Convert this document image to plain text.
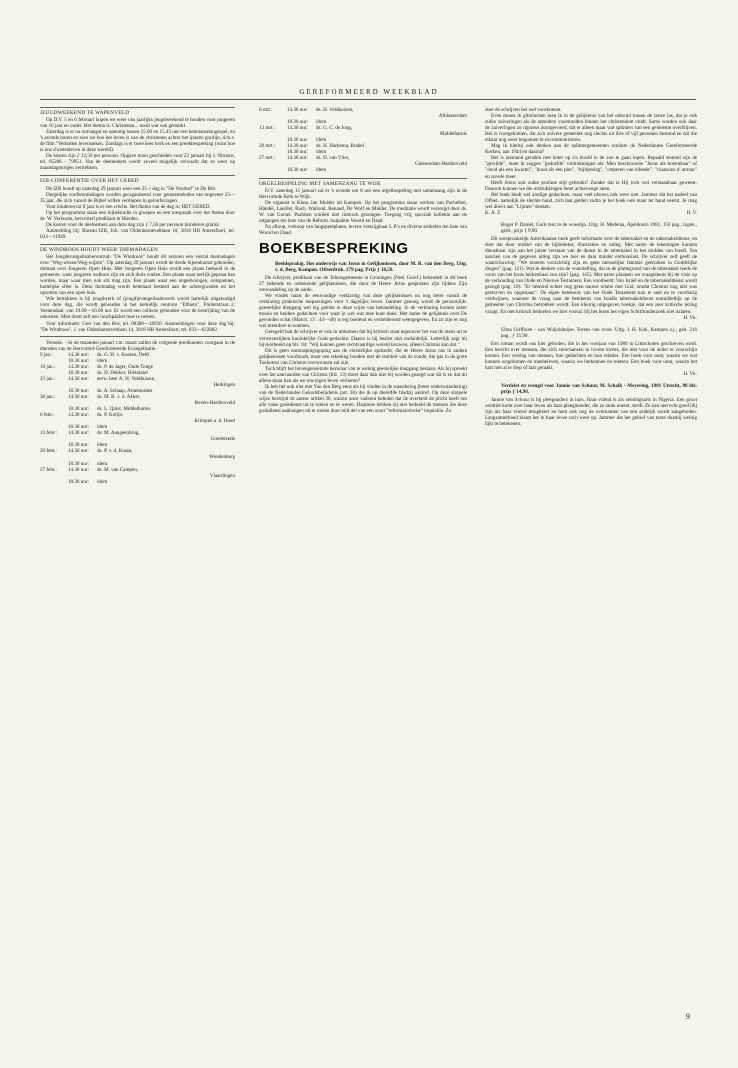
GEREFORMEERD WEEKBLAD
JEUGDWEEKEND TE WAPENVELD

Op D.V. 5 en 6 februari hopen we weer ons jaarlijks jeugdweekend te houden voor jongeren van 16 jaar en ouder. Het thema is: Christenen... nooit wat van gemerkt.

Zaterdag is er na ontvangst en opening tussen 15.00 en 15.45 uur een kennismakingsspel, en 's avonds horen en zien we hoe het leven is van de christenen achter het ijzeren gordijn, d.m.v. de film "Verboden levensteken. Zondags is er twee keer kerk en een preekbespreking (want hoe is ons christenleven in deze wereld).

De kosten zijn ƒ 12,50 per persoon. Opgave moet geschieden voor 22 januari bij J. Nitrauw, tel. 05206 - 79951. Van de deelnemers wordt zoveel mogelijk verwacht dat ze weer op maandagmorgen vertrekken.

IZB-CONFERENTIE OVER HET GEBED

De IZB houdt op zaterdag 29 januari weer een 25 + dag in "De Voorbof" te De Bilt.

Dergelijke conferentiedagen worden georganiseerd voor gemeenteleden van ongeveer 25—35 jaar, die zich vanuit de Bijbel willen verdiepen in geloofsvragen.

Voor kinderen tot 8 jaar is er een crèche. Het thema van de dag is: HET GEBED.

Op het programma staan een bijbelstudie in groepen en een toespraak over het thema door ds. W. Verboom, hervormd predikant te Hierden.

De kosten voor de deelnemers aan deze dag zijn ƒ 7,50 per persoon (kinderen gratis).

Aanmelding bij: Bureau IZB, Joh. van Oldenbarneveltlaan 10, 3818 HB Amersfoort, tel. 033—11949.

DE WINDROOS HOUDT WEER THEMADAGEN

Het Jeugdevangelisatiecentrum "De Windroos" houdt dit seizoen een viertal themadagen over "Weg-wezen/Weg-wijzen". Op zaterdag 29 januari wordt de derde bijeenkomst gehouden, ditmaal over Jongeren Open Huis. Met Jongeren Open Huis wordt een plaats bedoeld in de gemeente, waar jongeren welkom zijn en zich thuis voelen. Een plaats waar eerlijk gepraat kan worden, maar waar men ook stil mag zijn. Een plaats waar een ongedwongen, ontspannen, hartelijke sfeer is. Deze themadag wordt helemaal besteed aan de achtergronden en het opzetten van een open huis.

Wie betrokken is bij jeugdwerk of (jeugd)evangelisatiewerk wordt hartelijk uitgenodigd voor deze dag, die wordt gehouden in het kerkelijk centrum "Eltheto", Fluiterstraat 2, Veenendaal, van 10.00—16.00 uur. Er wordt een collecte gehouden voor de bestrijding van de onkosten. Men dient zelf een lunchpakket mee te nemen.

Voor informatie: Gert van den Bos, tel. 08380—18926. Aanmeldingen voor deze dag bij: "De Windroos", J. van Oldenbarneveltlaan 14, 3818 HB Amersfoort, tel. 033—622802.

Yerseke. - In de maanden januari t.m. maart zullen de volgende predikanten voorgaan in de diensten van de Hervormd-Gereformeerde Evangelisatie.

9 jan.:	14.30 uur:	ds. G. H. v. Kooten, Delft
18.30 uur:	idem
16 jan.:	14.30 uur:	ds. P. de Jager, Oude Tonge
18.30 uur:	ds. D. Dekker, Dirksland
23 jan.:	14.30 uur:	eerw. heer A. H. Veldhuizen,
Herkingen
18.30 uur:	ds. A. Schaap, Arnemuiden
30 jan.:	14.30 uur:	ds. M. B. v. d. Akker,
Boven-Hardinxveld
18.30 uur:	ds. L. Quist, Middelharnis
6 febr.:	14.30 uur:	ds. P. Kolijn,
Krimpen a. d. IJssel
18.30 uur:	idem
13 febr.:	14.30 uur:	ds. M. Aangeenbrug,
Goedereede
18.30 uur:	idem
20 febr.:	14.30 uur:	ds. P. v. d. Kraan,
Woudenberg
18.30 uur:	idem
27 febr.:	14.30 uur:	ds. M. van Campen,
Vlaardingen
18.30 uur:	idem
6 mrt.:	14.30 uur:	ds. H. Veldhuizen,
Alblasserdam
18.30 uur:	idem
13 mrt.:	14.30 uur:	ds. G. C. de Jong,
Middelharnis
18.30 uur:	idem
20 mrt.:	14.30 uur:	ds. H. Harkema, Brakel
18.30 uur:	idem
27 mrt.:	14.30 uur:	ds. D. van Vliet,
Giessendam-Hardinxveld
18.30 uur:	idem
ORGELBESPELING MET SAMENZANG TE WIJK

D.V. zaterdag 15 januari zal er 's avonds om 8 uur een orgelbespeling met samenzang zijn in de Hervormde Kerk te Wijk.

De organist is Klaas Jan Mulder uit Kampen. Op het programma staan werken van Pachelbel, Händel, Loeillet, Bach, Wallond, Renaud, De Wolf en Mulder. De meditatie wordt verzorgd door ds. W. van Gorsel. Psalmen worden niet ritmisch gezongen. Toegang vrij, speciale kollekte aan de uitgangen ten bate van de Reform. hulpaktie Woord en Daad.

Na afloop, verkoop van langspeelplaten, tevens verkrijgbaar L.P.'s en diverse artikelen ten bate van Woord en Daad.

BOEKBESPREKING

Beeldsprakig. Het onderwijs van Jezus in Gelijkenissen, door M. R. van den Berg. Uitg. v. d. Berg, Kampen. Offsetdruk. 179 pag. Prijs ƒ 18,50.

De schrijver, predikant van de Tehuisgemeente in Groningen (Ned. Geref.) behandelt in dit boek 27 bekende en onbekende gelijkenissen, die door de Heere Jezus gesproken zijn tijdens Zijn omwandeling op de aarde.

We vinden naast de eenvoudige verklaring van deze gelijkenissen nu nog beter vanuit de verklaring praktische toepassingen voor 't dagelijks leven. Jammer genoeg wordt de persoonlijk-geestelijke diepgang wel erg gemist in deze wijze van behandeling. In de verklaring komen zeker mooie en heldere gedachten voor waar je wel wat mee kunt doen. Met name de gelijkenis over De gevonden schat (Match. 13 : 44—46) is erg boeiend en verhelderend weergegeven. En zo zijn er nog wel meerdere te noemen.

Geregeld laat de schrijver er ook in uitkomen dat hij kritisch staat tegenover het van de mens uit te verwezenlijken koninkrijke Gods-gedachte. Daarin is hij beslist niet onduidelijk. Letterlijk zegt hij bijvoorbeeld op blz. 94: "Wij kunnen geen rechtvaardige wereld bouwen, alleen Christus kan dat."

Dit is geen ontmaspingsgoping aan de christelijke opdracht, die de Heere Jezus ons in andere gelijkenissen voorhoudt, maar een rekening houden met de realiteit van de zonde, die pas in de grote Toekomst van Christus overwonnen zal zijn.

Toch blijft het bovengenoemde bezwaar van te weinig geestelijke diepgang bestaan. Als hij spreekt over het aanvaarden van Christus (blz. 13) moet daar dan niet bij worden gezegd wat dit is en dat dit alleen maar kan als we ons eigen leven verlieren?

Ik heb het ook niet met Van den Berg eens als hij vinden in de waardering (beter onderwaardering) van de Nederlandse Geloofsbelijdenis (art. 36) die ik op dierelfde bladzij aantref. Op deze simpele wijze bestrijdt de auteur artikel 36, waarin onze vaderen beleden dat de overheid de plicht heeft om alle valse godsdienst uit te roeien en te weren. Daarmee hebben zij niet bedoeld de mensen die deze godsdienst aanhangen uit te roeien door mid del van een soort "reformatorische" inquisitie. Zo

doet de schrijven het wel voorkomen.

Even moest ik glimlachen toen ik in de gelijkenis van het onkruid tussen de tarwe las, dat je ook zulke zuiveringen als de arbeiders voorstonden binnen het christendom vindt. Soms worden ook daar de zuiveringen zo rigoreus doorgevoerd, dat er alleen maar wat splinters van een gemeente overblijven. Het is voorgekomen, dat zo'n zuivere gemeente nog slechts uit drie of vijf personen bestond en dat die elkaar nog weer begonnen te excommuniceren.

Mag ik hierbij ook denken aan de splintergemeenten rondom de Nederlandse Gereformeerde Kerken, aan 1944 en daarna?

Het is niemand geraden met boter op z'n hoofd in de zon te gaan lopen. Bepaald stotend zijn de "gewilde", moet ik zeggen "gedurfde" uitdrukkingen als: Men beschouwde "Jezus als boemelaar" of "dood als een kwartel", "dood als een pier", "bijltjesdag", "creperen van ellende", "chansons d' amour" en zovele meer.

Heeft Jezus ooit zulke profane stijl gebruikt? Zonder dat ie Hij toch wel verstaanbaar geweest. Daarom kunnen we die uitdrukkingen beter achterwege laten.

Het boek biedt wel aardige gedachten, maar veel nieuws ook weer niet. Jammer dat het nadeel van Offset, namelijk de slechte band, zich laat gelden zodra je het boek ook maar ter hand neemt. Je mag wel direct aan "Lijmen" denken.

K. A. Z.	H. V.

Roger P. Daniel, Gods tent in de woestijn. Uitg. H. Medema, Apeldoorn 1981, 156 pag., ingen., geill., prijs ƒ 9,90.

Dit oorspronkelijk Amerikaanse boek geeft informatie over de tabernakel en de tabernakeldienst, en doet dat door middel van de bijbeltekst, illustraties en uitleg. Met name de tekeningen kunnen dienstbaar zijn aan het juiste verstaan van de dienst in de tabernakel in het midden van Israël. Ten aanzien van de gegeven uitleg zijn we hier en daar minder enthousiast. De schrijver zelf geeft de waarschuwing: "We moeten voorzichtig zijn en geen menselijke fantasie gebruiken in Goddelijke dingen" (pag. 121). Wat te denken van de voorstelling, dat in de plattegrond van de tabernakel reeds de vorm van het kruis herkenbaar zou zijn? (pag. 145). Met name plaatsen we vraagtekens bij de visie op de verhouding van Oude en Nieuwe Testament. Een voorbeeld: Van Israël en de tabernakeldienst wordt gezegd (pag. 10): "Er bestond echter nog geen nauwe relatie met God, omdat Christus nog niet was gestorven en opgestaan". De eigen betekenis van het Oude Testament kan te snel en te voorbarig verdwijnen, wanneer de vraag naar de betekenis van Israëls tabernakeldienst onmiddellijk op de gemeente van Christus betrokken wordt. Een kleurig uitgegeven boekje, dat een zeer kritische lezing vraagt. En met kritisch bedoelen we hier vooral: bij het lezen het eigen Schriftonderzoek niet nalaten.

H. Vk.

Elma Griffioen - van Wuijckhuijse, Torens van ivoor. Uitg. J. H. Kok, Kampen z.j., geb. 216 pag., ƒ 15,90.

Een roman wordt ons hier geboden, die in het voorjaar van 1980 in Limschoten geschreven werd. Een bericht over mensen, die zich verschansen in ivoren torens, die niet voor de ander te voorschijn komen. Een verslag van mensen, hun gedachten en hun relaties. Een boek voor uren, waarin we wat kunnen wegdromen en meebeleven, waarin we herkennen en toetsen. Een boek voor uren, waarin het hart niet al te diep of laat geraakt.

H. Vk.

Verdriet en vreugd voor Jannie van Schuur, M. Schalk - Meyering, 1981 Utrecht, 88 blz. prijs ƒ 14,90.

Jannie van Schuur is bij pleegouders in huis. Haar vriend is als zendingsarts in Nigeria. Een groot verdriet komt over haar leven als haar pleegmoeder, die ze tante noemt, sterft. Ze kan niet echt goed blij zijn als haar vriend terugkeert en hem ook nog de overnamen van een praktijk wordt aangeboden. Langzamerhand klaart het in haar leven toch weer op. Jammer dat het geloof van tante daarbij weinig lijkt te betekenen.

9
